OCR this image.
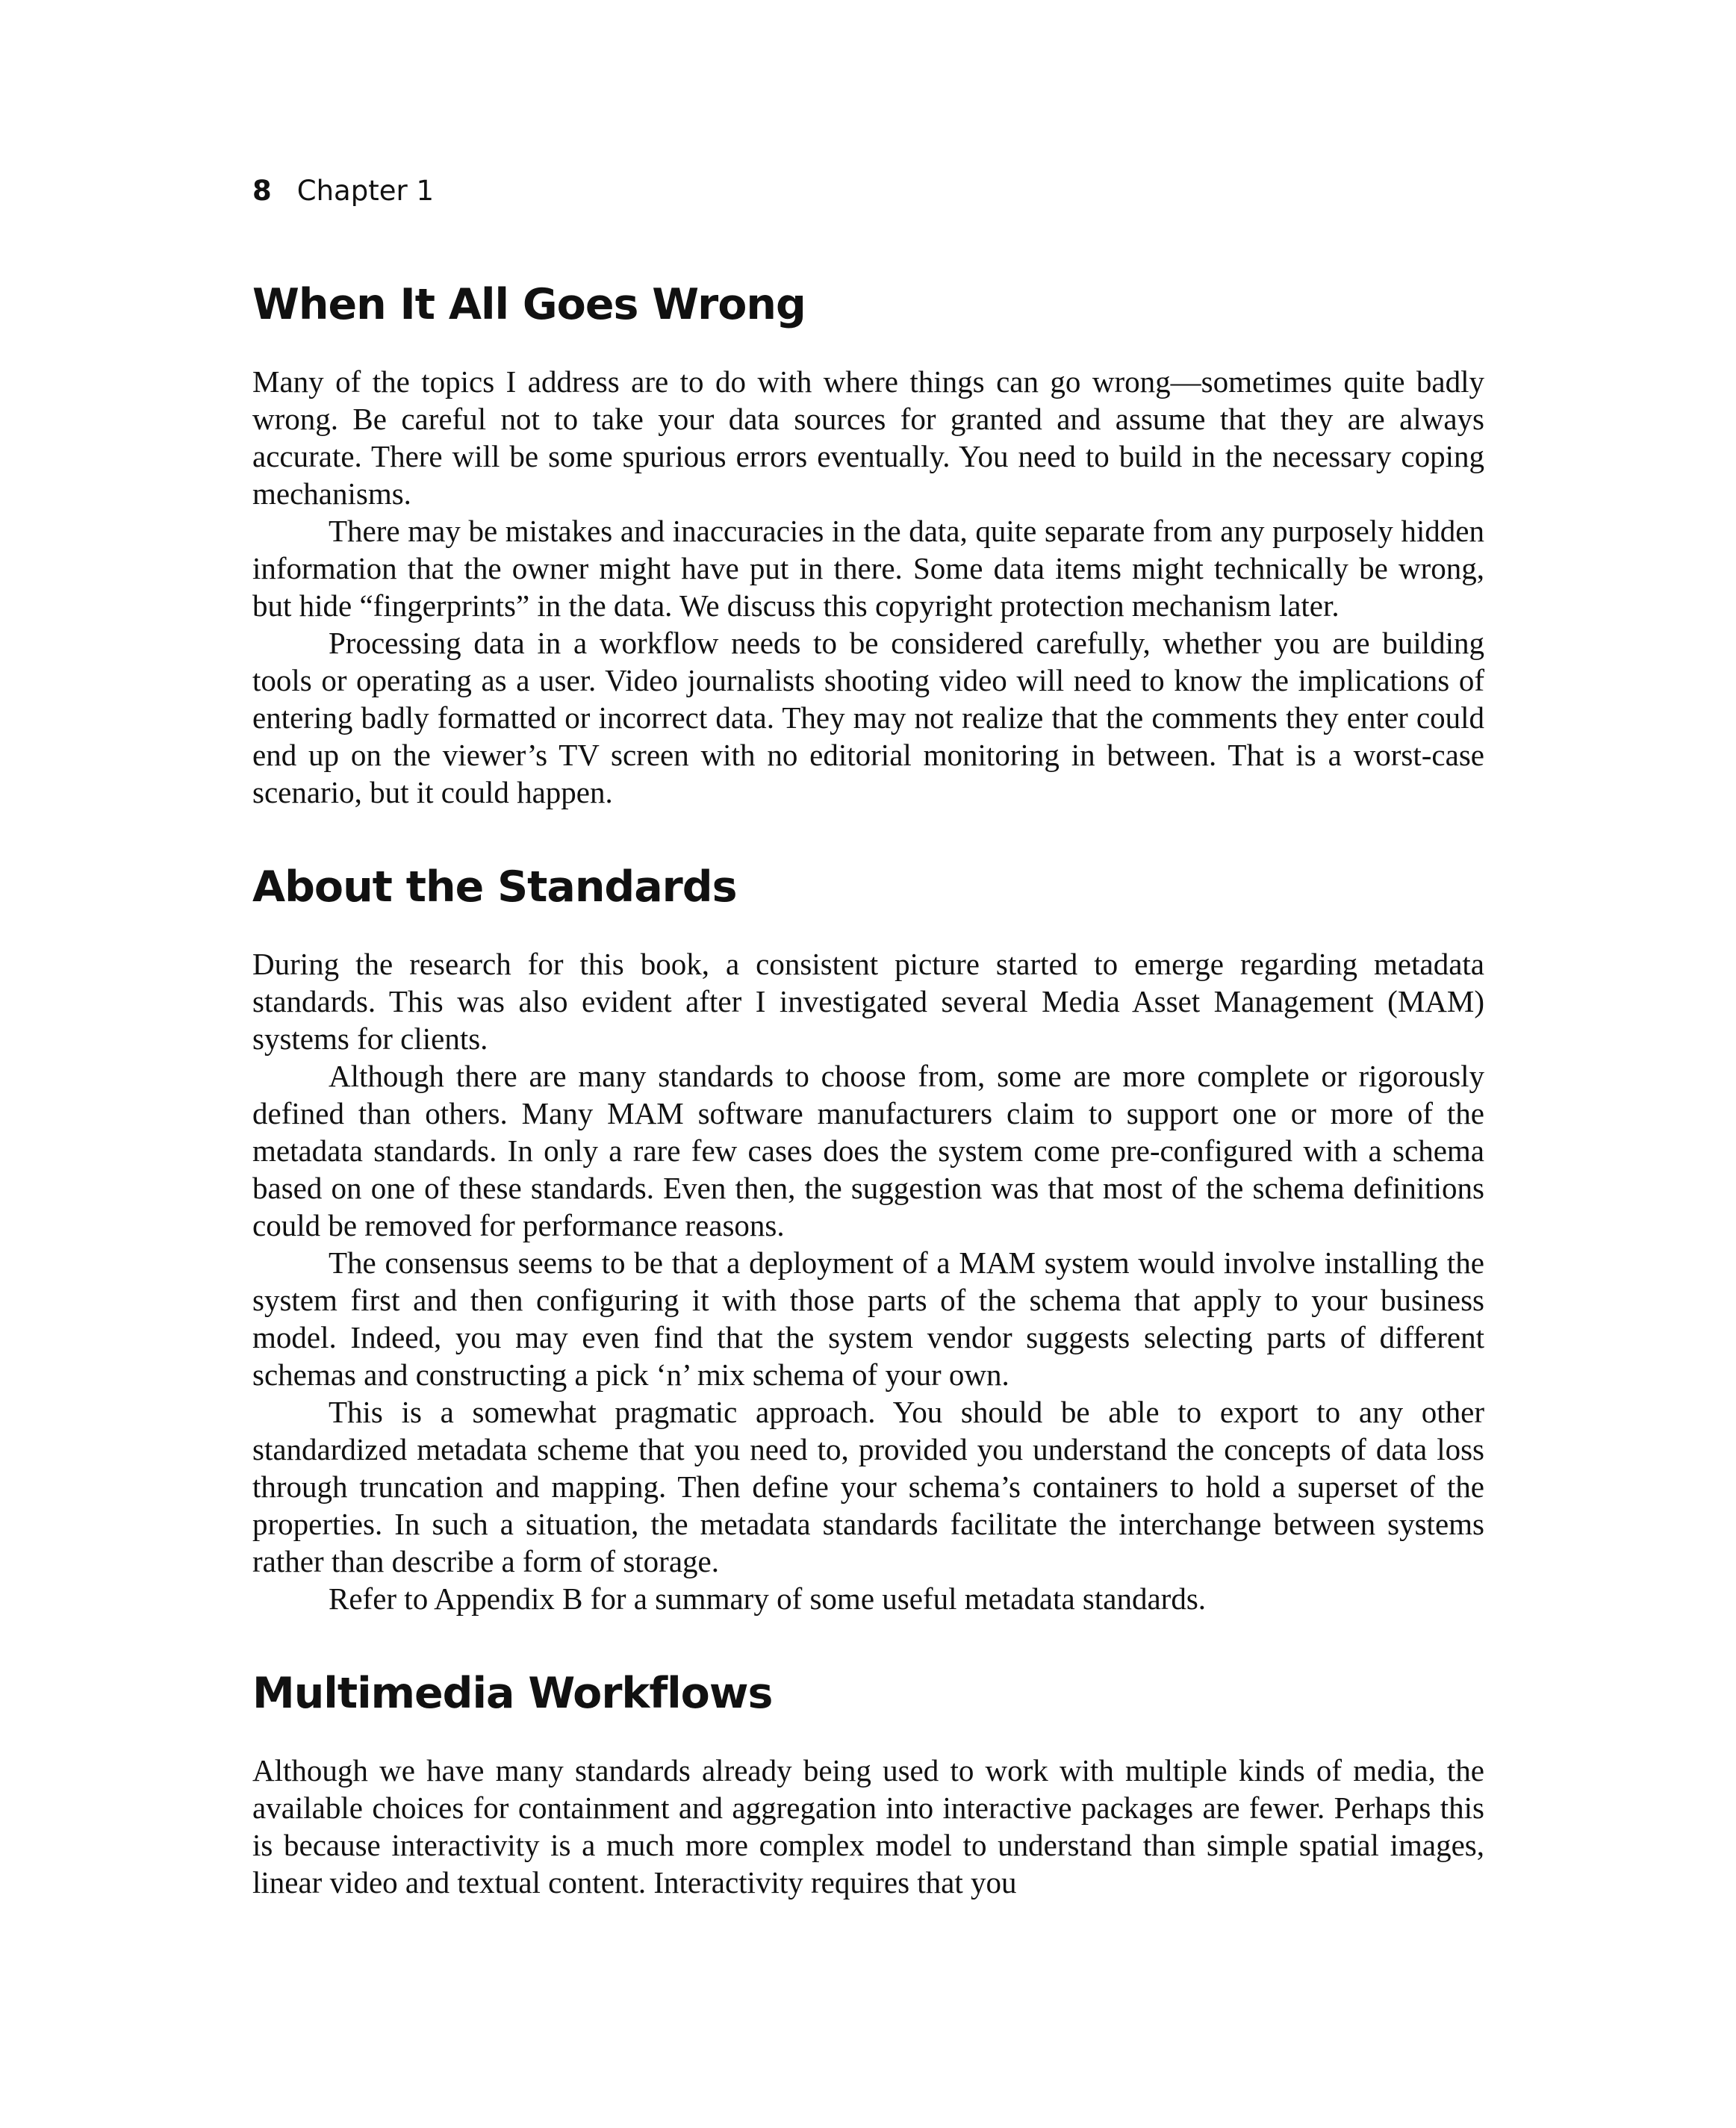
8 Chapter 1
When It All Goes Wrong

Many of the topics I address are to do with where things can go wrong—sometimes quite badly wrong. Be careful not to take your data sources for granted and assume that they are always accurate. There will be some spurious errors eventually. You need to build in the necessary coping mechanisms.

There may be mistakes and inaccuracies in the data, quite separate from any purposely hidden information that the owner might have put in there. Some data items might technically be wrong, but hide “fingerprints” in the data. We discuss this copyright protection mechanism later.

Processing data in a workflow needs to be considered carefully, whether you are building tools or operating as a user. Video journalists shooting video will need to know the implications of entering badly formatted or incorrect data. They may not realize that the comments they enter could end up on the viewer’s TV screen with no editorial monitoring in between. That is a worst-case scenario, but it could happen.

About the Standards

During the research for this book, a consistent picture started to emerge regarding metadata standards. This was also evident after I investigated several Media Asset Management (MAM) systems for clients.

Although there are many standards to choose from, some are more complete or rigorously defined than others. Many MAM software manufacturers claim to support one or more of the metadata standards. In only a rare few cases does the system come pre-configured with a schema based on one of these standards. Even then, the suggestion was that most of the schema definitions could be removed for performance reasons.

The consensus seems to be that a deployment of a MAM system would involve installing the system first and then configuring it with those parts of the schema that apply to your business model. Indeed, you may even find that the system vendor suggests selecting parts of different schemas and constructing a pick ‘n’ mix schema of your own.

This is a somewhat pragmatic approach. You should be able to export to any other standardized metadata scheme that you need to, provided you understand the concepts of data loss through truncation and mapping. Then define your schema’s containers to hold a superset of the properties. In such a situation, the metadata standards facilitate the interchange between systems rather than describe a form of storage.

Refer to Appendix B for a summary of some useful metadata standards.

Multimedia Workflows

Although we have many standards already being used to work with multiple kinds of media, the available choices for containment and aggregation into interactive packages are fewer. Perhaps this is because interactivity is a much more complex model to understand than simple spatial images, linear video and textual content. Interactivity requires that you
